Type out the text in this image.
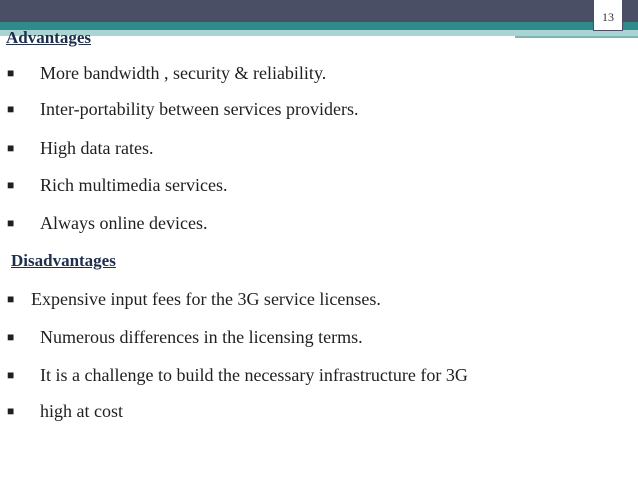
13
Advantages
■ More bandwidth , security & reliability.
■ Inter-portability between services providers.
■ High data rates.
■ Rich multimedia services.
■ Always online devices.
Disadvantages
■ Expensive input fees for the 3G service licenses.
■ Numerous differences in the licensing terms.
■ It is a challenge to build the necessary infrastructure for 3G
■ high at cost
